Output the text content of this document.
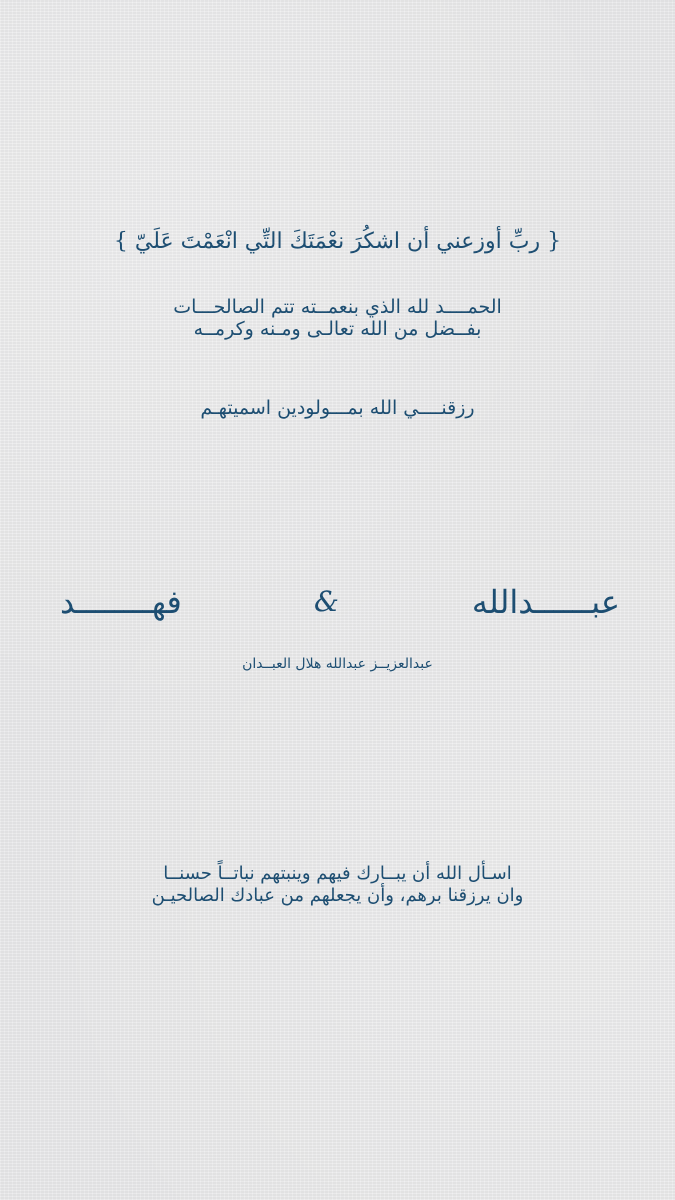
{ ربِّ أوزعني أن اشكُرَ نعْمَتَكَ التِّي انْعَمْتَ عَلَيّ }
الحمــــد لله الذي بنعمــته تتم الصالحـــات
بفــضل من الله تعالـى ومـنه وكرمــه
رزقنــــي الله بمـــولودين اسميتهـم
عبــــــدالله
&
فهــــــــد
عبدالعزيــز عبدالله هلال العبــدان
اسـأل الله أن يبــارك فيهم وينبتهم نباتــاً حسنــا
وان يرزقنا برهم، وأن يجعلهم من عبادك الصالحيـن
